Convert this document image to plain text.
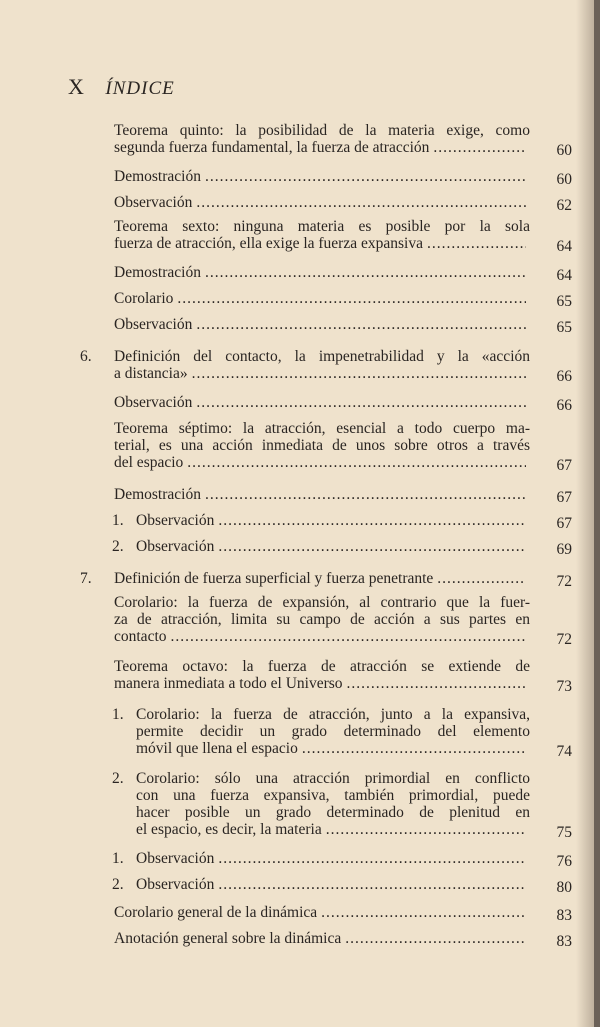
X ÍNDICE
Teorema quinto: la posibilidad de la materia exige, como
segunda fuerza fundamental, la fuerza de atracción .....	60
Demostración .....	60
Observación .....	62
Teorema sexto: ninguna materia es posible por la sola
fuerza de atracción, ella exige la fuerza expansiva .....	64
Demostración .....	64
Corolario .....	65
Observación .....	65
6. Definición del contacto, la impenetrabilidad y la «acción
a distancia» .....	66
Observación .....	66
Teorema séptimo: la atracción, esencial a todo cuerpo ma-
terial, es una acción inmediata de unos sobre otros a través
del espacio .....	67
Demostración .....	67
1. Observación .....	67
2. Observación .....	69
7. Definición de fuerza superficial y fuerza penetrante .....	72
Corolario: la fuerza de expansión, al contrario que la fuer-
za de atracción, limita su campo de acción a sus partes en
contacto .....	72
Teorema octavo: la fuerza de atracción se extiende de
manera inmediata a todo el Universo .....	73
1. Corolario: la fuerza de atracción, junto a la expansiva,
permite decidir un grado determinado del elemento
móvil que llena el espacio .....	74
2. Corolario: sólo una atracción primordial en conflicto
con una fuerza expansiva, también primordial, puede
hacer posible un grado determinado de plenitud en
el espacio, es decir, la materia .....	75
1. Observación .....	76
2. Observación .....	80
Corolario general de la dinámica .....	83
Anotación general sobre la dinámica .....	83
